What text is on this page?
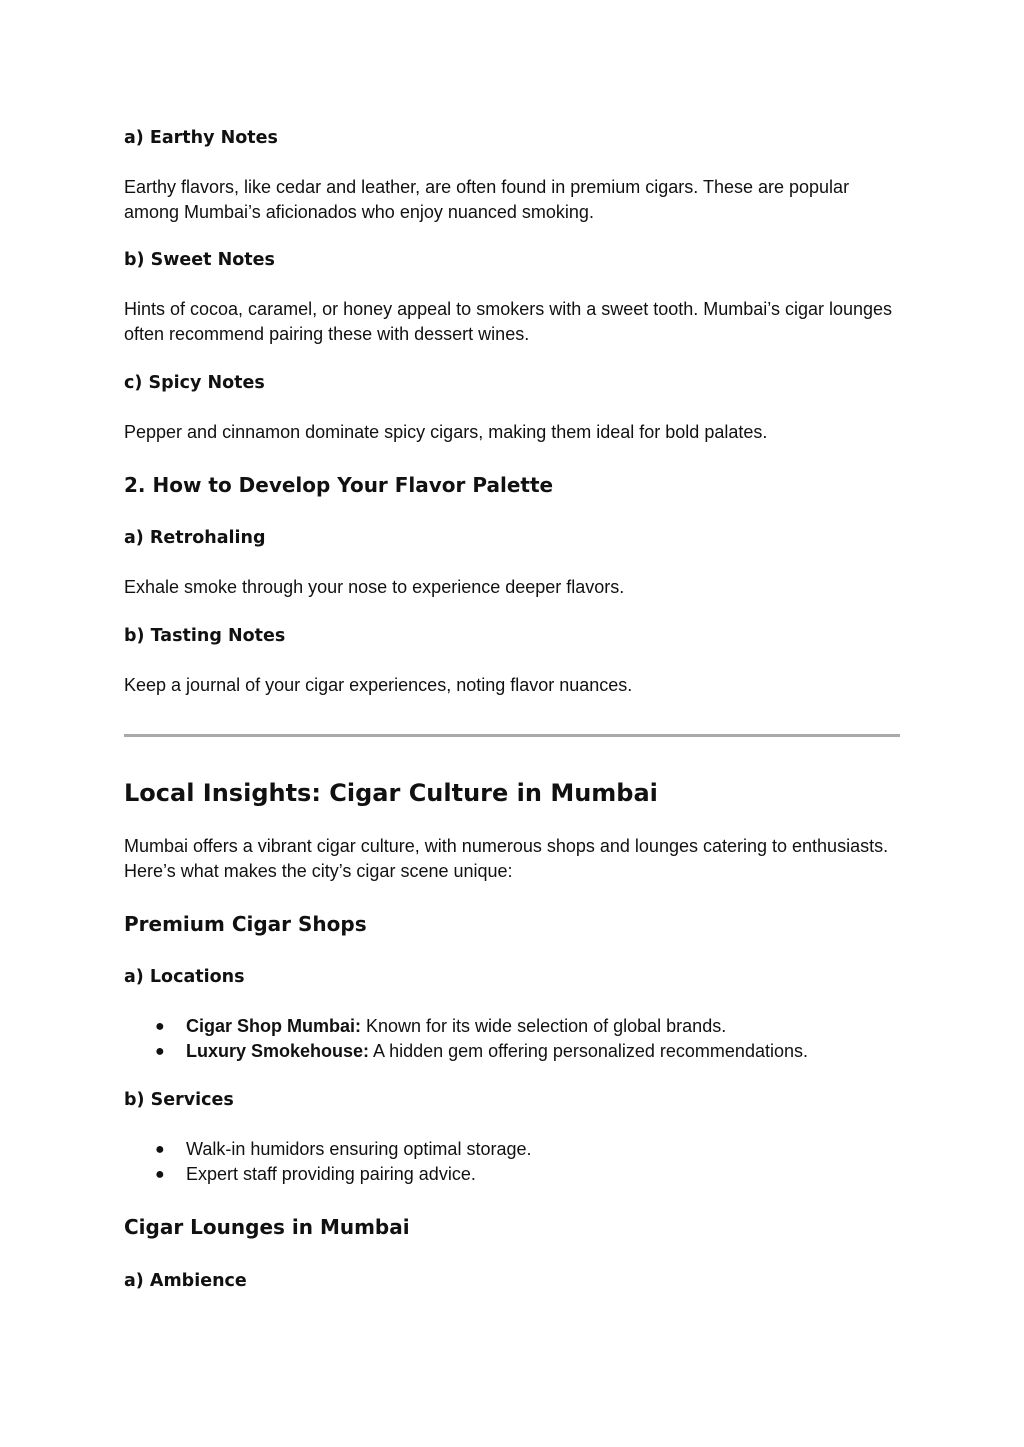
a) Earthy Notes

Earthy flavors, like cedar and leather, are often found in premium cigars. These are popular among Mumbai’s aficionados who enjoy nuanced smoking.

b) Sweet Notes

Hints of cocoa, caramel, or honey appeal to smokers with a sweet tooth. Mumbai’s cigar lounges often recommend pairing these with dessert wines.

c) Spicy Notes

Pepper and cinnamon dominate spicy cigars, making them ideal for bold palates.

2. How to Develop Your Flavor Palette
a) Retrohaling

Exhale smoke through your nose to experience deeper flavors.

b) Tasting Notes

Keep a journal of your cigar experiences, noting flavor nuances.

Local Insights: Cigar Culture in Mumbai

Mumbai offers a vibrant cigar culture, with numerous shops and lounges catering to enthusiasts. Here’s what makes the city’s cigar scene unique:

Premium Cigar Shops
a) Locations
● Cigar Shop Mumbai: Known for its wide selection of global brands.
● Luxury Smokehouse: A hidden gem offering personalized recommendations.
b) Services
● Walk-in humidors ensuring optimal storage.
● Expert staff providing pairing advice.
Cigar Lounges in Mumbai
a) Ambience
